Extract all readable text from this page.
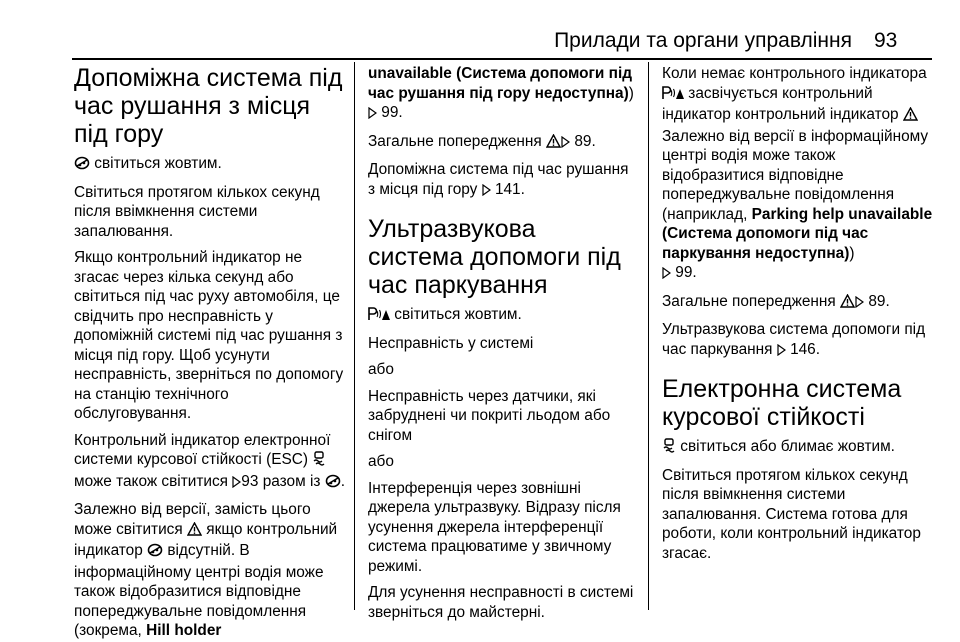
Прилади та органи управління 93
Допоміжна система під час рушання з місця під гору

світиться жовтим.

Світиться протягом кількох секунд після ввімкнення системи запалювання.

Якщо контрольний індикатор не згасає через кілька секунд або світиться під час руху автомобіля, це свідчить про несправність у допоміжній системі під час рушання з місця під гору. Щоб усунути несправність, зверніться по допомогу на станцію технічного обслуговування.

Контрольний індикатор електронної системи курсової стійкості (ESC)  може також світитися 93 разом із .

Залежно від версії, замість цього може світитися  якщо контрольний індикатор  відсутній. В інформаційному центрі водія може також відобразитися відповідне попереджувальне повідомлення (зокрема, Hill holder

unavailable (Система допомоги під час рушання під гору недоступна))
99.

Загальне попередження  89.

Допоміжна система під час рушання з місця під гору  141.

Ультразвукова система допомоги під час паркування

світиться жовтим.

Несправність у системі

або

Несправність через датчики, які забруднені чи покриті льодом або снігом

або

Інтерференція через зовнішні джерела ультразвуку. Відразу після усунення джерела інтерференції система працюватиме у звичному режимі.

Для усунення несправності в системі зверніться до майстерні.

Коли немає контрольного індикатора  засвічується контрольний індикатор контрольний індикатор  Залежно від версії в інформаційному центрі водія може також відобразитися відповідне попереджувальне повідомлення (наприклад, Parking help unavailable (Система допомоги під час паркування недоступна))
99.

Загальне попередження  89.

Ультразвукова система допомоги під час паркування  146.

Електронна система курсової стійкості

світиться або блимає жовтим.

Світиться протягом кількох секунд після ввімкнення системи запалювання. Система готова для роботи, коли контрольний індикатор згасає.
